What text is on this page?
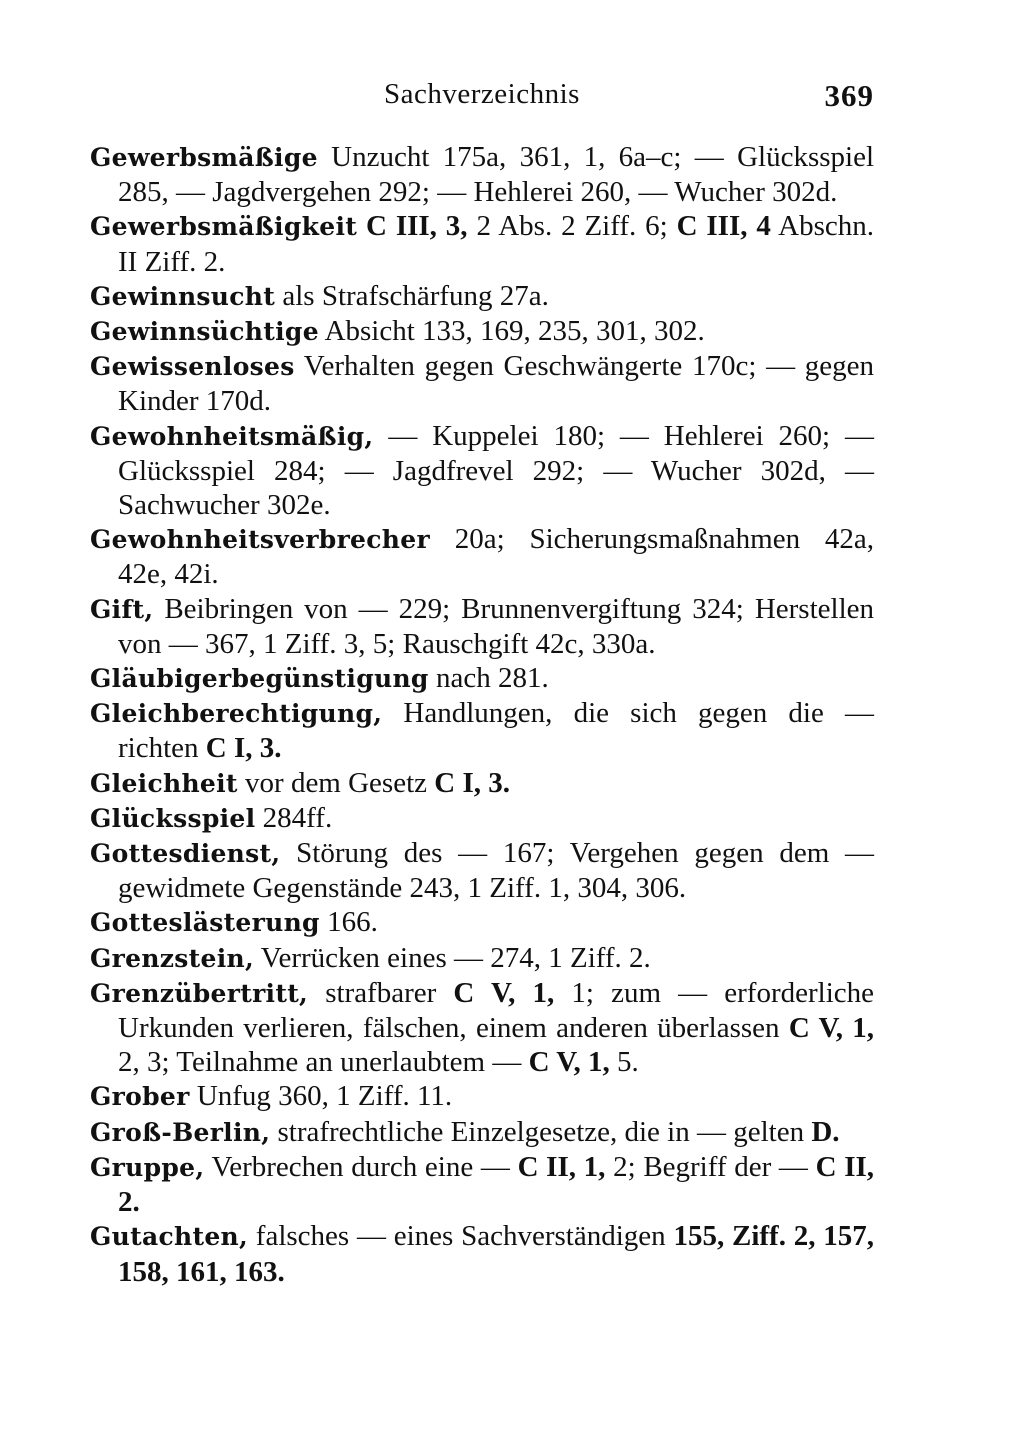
Sachverzeichnis	369

Gewerbsmäßige Unzucht 175a, 361, 1, 6a–c; — Glücksspiel 285, — Jagdvergehen 292; — Hehlerei 260, — Wucher 302d.

Gewerbsmäßigkeit C III, 3, 2 Abs. 2 Ziff. 6; C III, 4 Abschn. II Ziff. 2.

Gewinnsucht als Strafschärfung 27a.

Gewinnsüchtige Absicht 133, 169, 235, 301, 302.

Gewissenloses Verhalten gegen Geschwängerte 170c; — gegen Kinder 170d.

Gewohnheitsmäßig, — Kuppelei 180; — Hehlerei 260; — Glücksspiel 284; — Jagdfrevel 292; — Wucher 302d, — Sachwucher 302e.

Gewohnheitsverbrecher 20a; Sicherungsmaßnahmen 42a, 42e, 42i.

Gift, Beibringen von — 229; Brunnenvergiftung 324; Herstellen von — 367, 1 Ziff. 3, 5; Rauschgift 42c, 330a.

Gläubigerbegünstigung nach 281.

Gleichberechtigung, Handlungen, die sich gegen die — richten C I, 3.

Gleichheit vor dem Gesetz C I, 3.

Glücksspiel 284ff.

Gottesdienst, Störung des — 167; Vergehen gegen dem — gewidmete Gegenstände 243, 1 Ziff. 1, 304, 306.

Gotteslästerung 166.

Grenzstein, Verrücken eines — 274, 1 Ziff. 2.

Grenzübertritt, strafbarer C V, 1, 1; zum — erforderliche Urkunden verlieren, fälschen, einem anderen überlassen C V, 1, 2, 3; Teilnahme an unerlaubtem — C V, 1, 5.

Grober Unfug 360, 1 Ziff. 11.

Groß-Berlin, strafrechtliche Einzelgesetze, die in — gelten D.

Gruppe, Verbrechen durch eine — C II, 1, 2; Begriff der — C II, 2.

Gutachten, falsches — eines Sachverständigen 155, Ziff. 2, 157, 158, 161, 163.
